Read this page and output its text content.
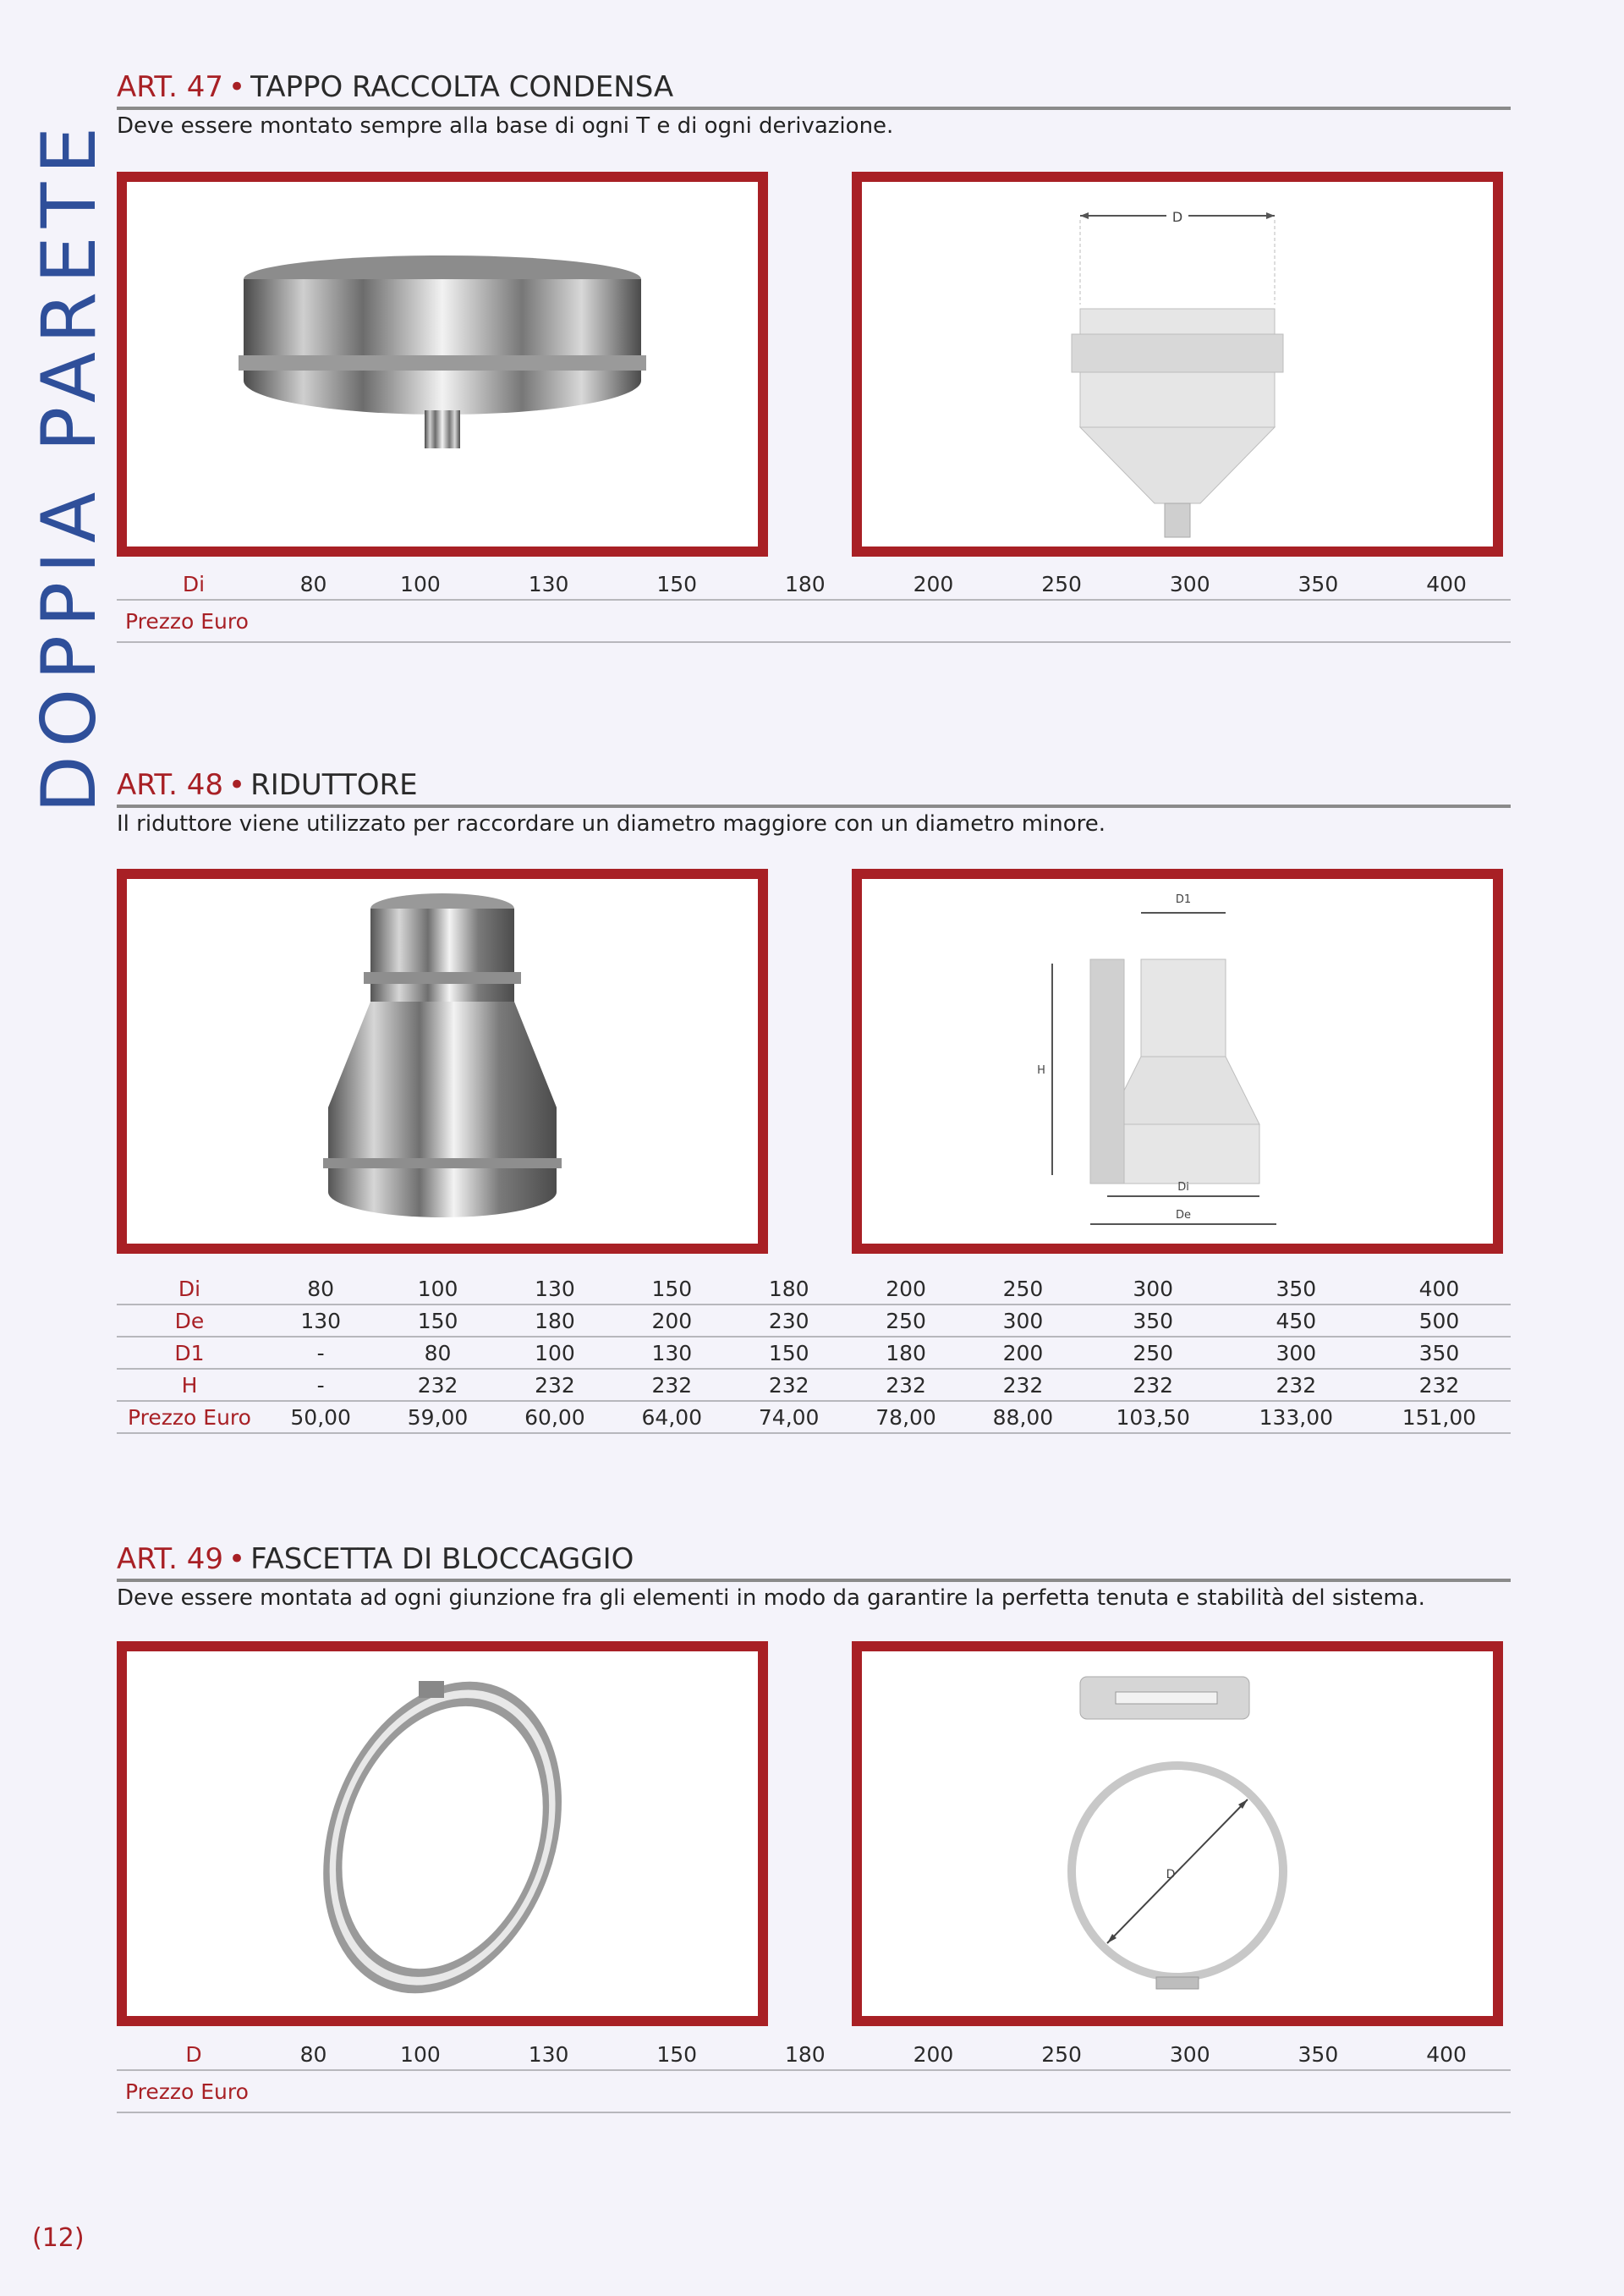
DOPPIA PARETE
ART. 47 • TAPPO RACCOLTA CONDENSA
Deve essere montato sempre alla base di ogni T e di ogni derivazione.
D
Di	80	100	130	150	180	200	250	300	350	400
Prezzo Euro										
ART. 48 • RIDUTTORE
Il riduttore viene utilizzato per raccordare un diametro maggiore con un diametro minore.
D1
H
Di
De
Di	80	100	130	150	180	200	250	300	350	400
De	130	150	180	200	230	250	300	350	450	500
D1	-	80	100	130	150	180	200	250	300	350
H	-	232	232	232	232	232	232	232	232	232
Prezzo Euro	50,00	59,00	60,00	64,00	74,00	78,00	88,00	103,50	133,00	151,00
ART. 49 • FASCETTA DI BLOCCAGGIO
Deve essere montata ad ogni giunzione fra gli elementi in modo da garantire la perfetta tenuta e stabilità del sistema.
D
D	80	100	130	150	180	200	250	300	350	400
Prezzo Euro										
(12)
